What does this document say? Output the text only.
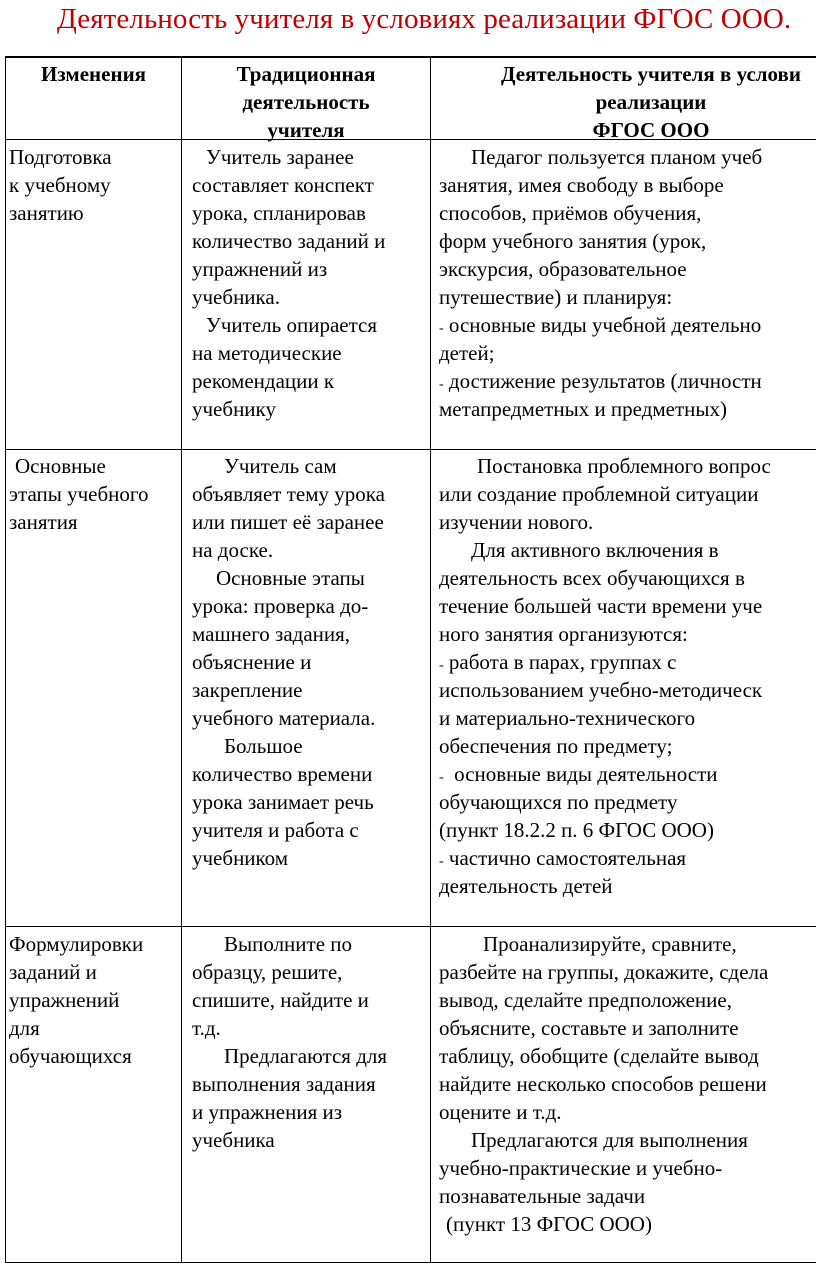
Деятельность учителя в условиях реализации ФГОС ООО.
Изменения	Традиционная
деятельность
учителя
Деятельность учителя в услови
реализации
ФГОС ООО
Подготовка
к учебному
занятию
Учитель заранее
составляет конспект
урока, спланировав
количество заданий и
упражнений из
учебника.
Учитель опирается
на методические
рекомендации к
учебнику
Педагог пользуется планом учеб
занятия, имея свободу в выборе
способов, приёмов обучения,
форм учебного занятия (урок,
экскурсия, образовательное
путешествие) и планируя:
- основные виды учебной деятельно
детей;
- достижение результатов (личностн
метапредметных и предметных)
Основные
этапы учебного
занятия
Учитель сам
объявляет тему урока
или пишет её заранее
на доске.
Основные этапы
урока: проверка до-
машнего задания,
объяснение и
закрепление
учебного материала.
Большое
количество времени
урока занимает речь
учителя и работа с
учебником
Постановка проблемного вопрос
или создание проблемной ситуации
изучении нового.
Для активного включения в
деятельность всех обучающихся в
течение большей части времени уче
ного занятия организуются:
- работа в парах, группах с
использованием учебно-методическ
и материально-технического
обеспечения по предмету;
- основные виды деятельности
обучающихся по предмету
(пункт 18.2.2 п. 6 ФГОС ООО)
- частично самостоятельная
деятельность детей
Формулировки
заданий и
упражнений
для
обучающихся
Выполните по
образцу, решите,
спишите, найдите и
т.д.
Предлагаются для
выполнения задания
и упражнения из
учебника
Проанализируйте, сравните,
разбейте на группы, докажите, сдела
вывод, сделайте предположение,
объясните, составьте и заполните
таблицу, обобщите (сделайте вывод
найдите несколько способов решени
оцените и т.д.
Предлагаются для выполнения
учебно-практические и учебно-
познавательные задачи
(пункт 13 ФГОС ООО)
